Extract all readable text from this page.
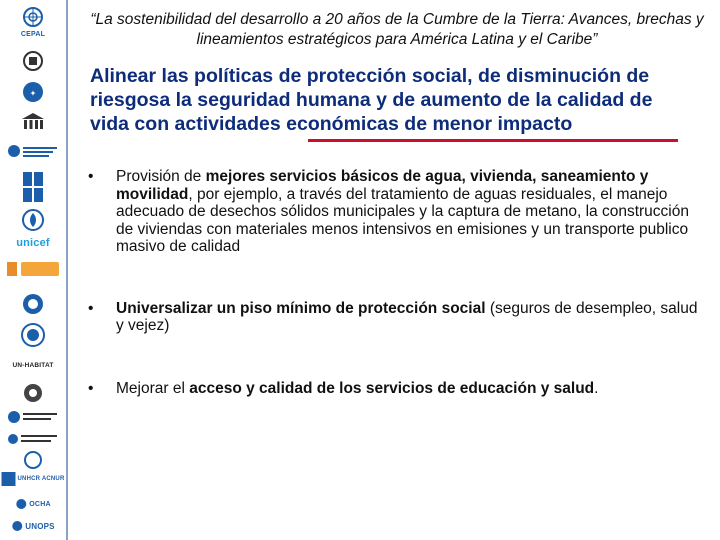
CEPAL
✦
unicef
UN-HABITAT
UNHCR ACNUR
OCHA
UNOPS
“La sostenibilidad del desarrollo a 20 años de la Cumbre de la Tierra: Avances, brechas y lineamientos estratégicos para América Latina y el Caribe”
Alinear las políticas de protección social, de disminución de riesgosa la seguridad humana y de aumento de la calidad de vida con actividades económicas de menor impacto
• Provisión de mejores servicios básicos de agua, vivienda, saneamiento y movilidad, por ejemplo, a través del tratamiento de aguas residuales, el manejo adecuado de desechos sólidos municipales y la captura de metano, la construcción de viviendas con materiales menos intensivos en emisiones y un transporte publico masivo de calidad
• Universalizar un piso mínimo de protección social (seguros de desempleo, salud y vejez)
• Mejorar el acceso y calidad de los servicios de educación y salud.
